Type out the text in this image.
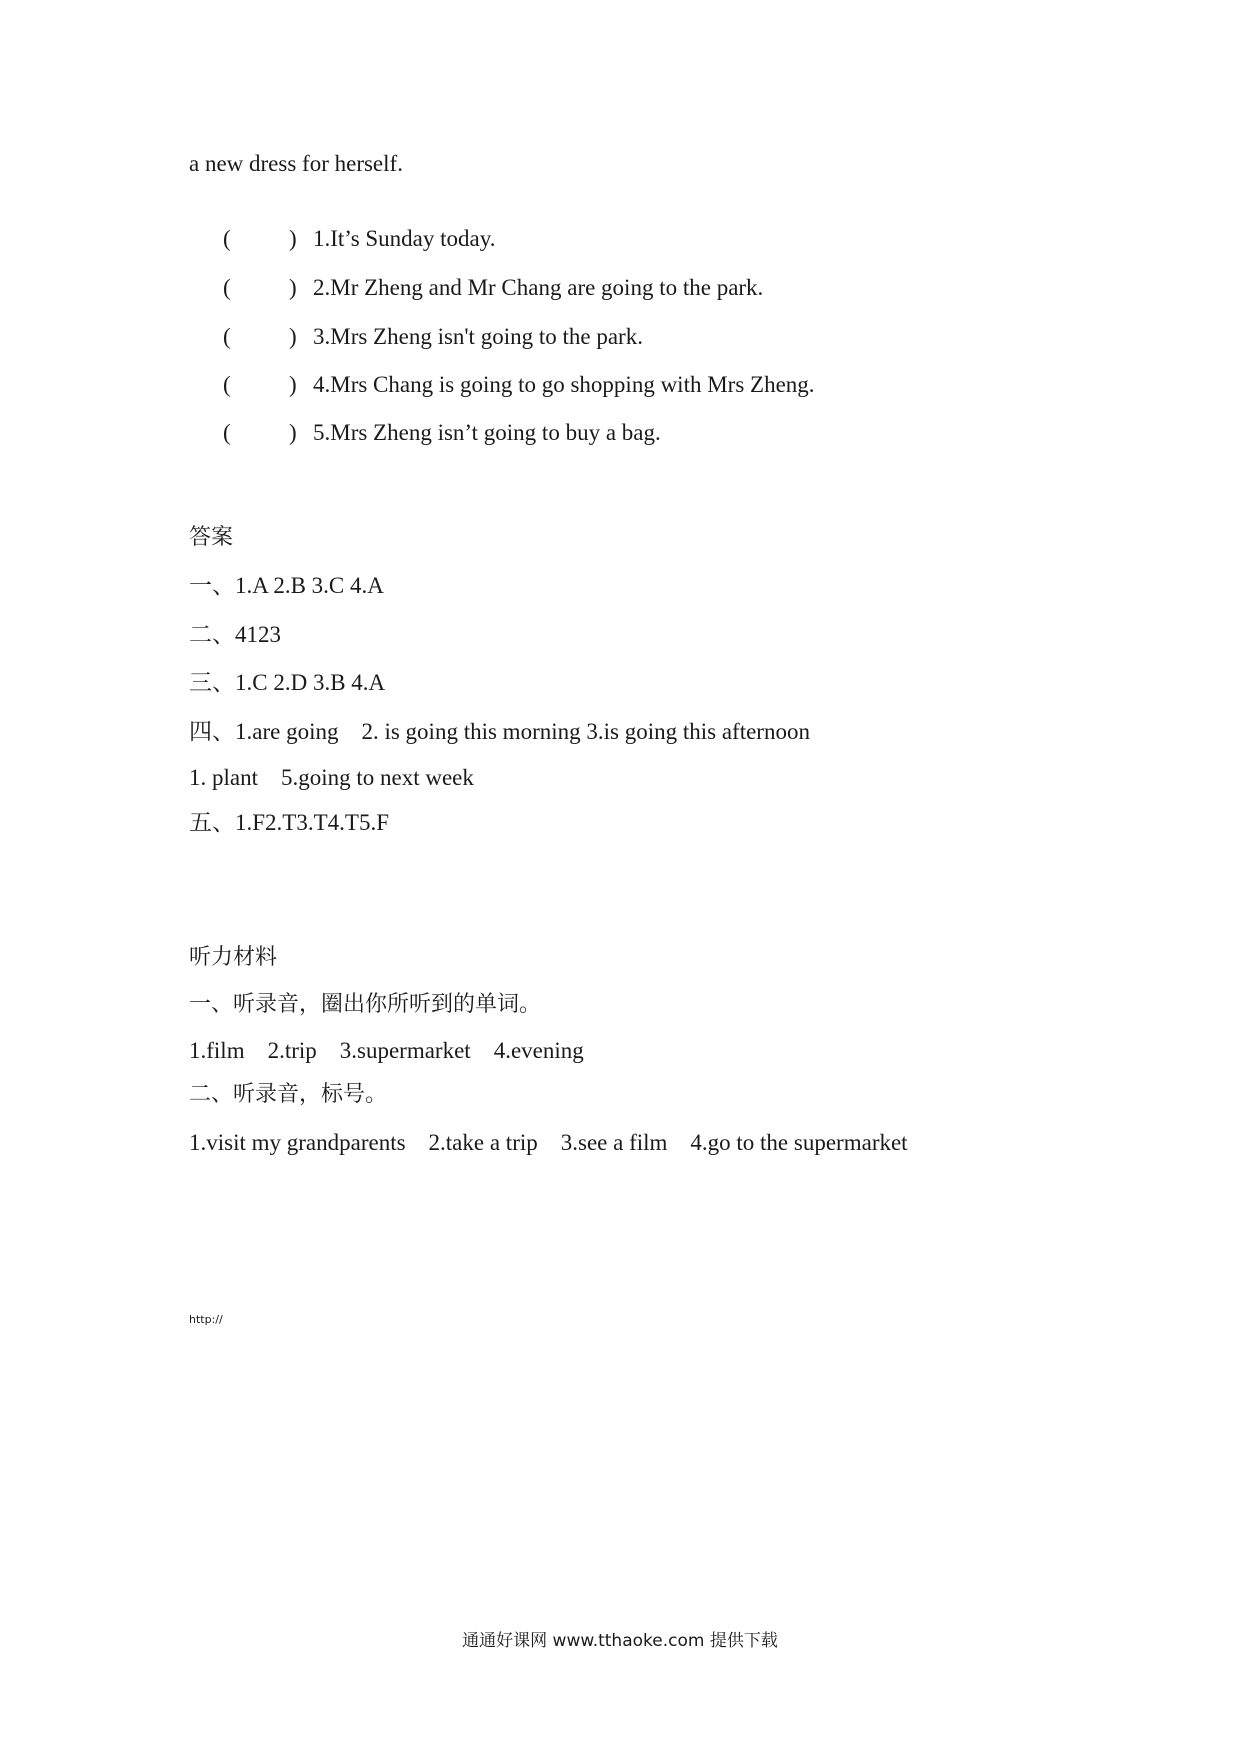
a new dress for herself.

(	) 1.It’s Sunday today.

(	) 2.Mr Zheng and Mr Chang are going to the park.

(	) 3.Mrs Zheng isn't going to the park.

(	) 4.Mrs Chang is going to go shopping with Mrs Zheng.

(	) 5.Mrs Zheng isn’t going to buy a bag.

答案
一、1.A 2.B 3.C 4.A
二、4123
三、1.C 2.D 3.B 4.A
四、1.are going    2. is going this morning 3.is going this afternoon
1. plant    5.going to next week
五、1.F2.T3.T4.T5.F
听力材料
一、听录音，圈出你所听到的单词。
1.film    2.trip    3.supermarket    4.evening
二、听录音，标号。
1.visit my grandparents    2.take a trip    3.see a film    4.go to the supermarket
http://
通通好课网 www.tthaoke.com 提供下载
